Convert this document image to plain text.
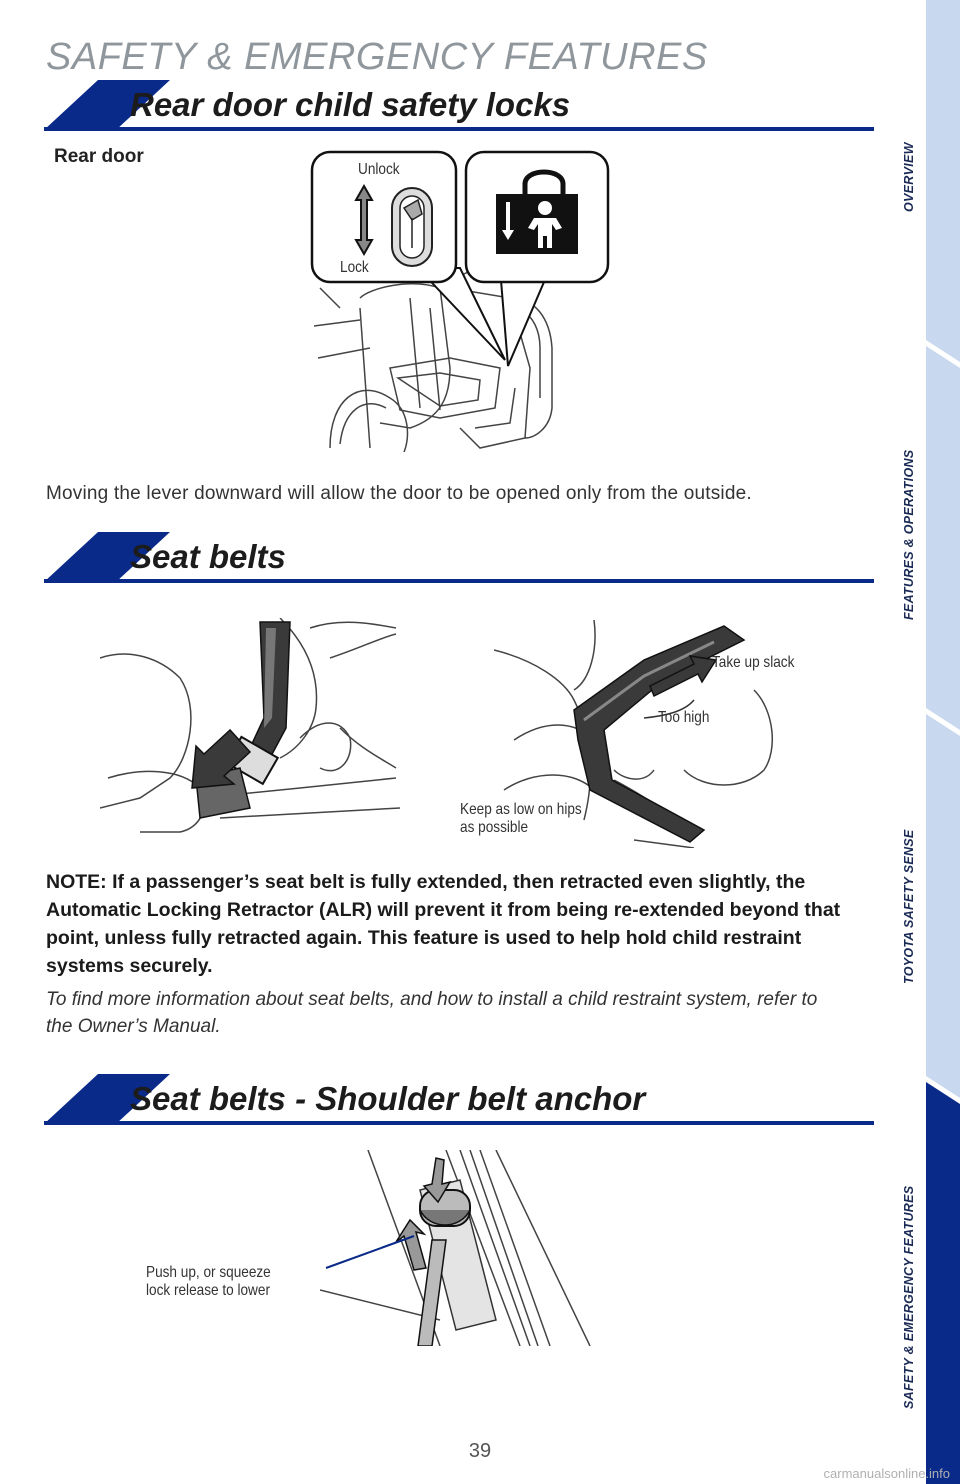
SAFETY & EMERGENCY FEATURES
Rear door child safety locks
Rear door
Unlock
Lock
Moving the lever downward will allow the door to be opened only from the outside.
Seat belts
Take up slack
Too high
Keep as low on hips
as possible
NOTE: If a passenger’s seat belt is fully extended, then retracted even slightly, the Automatic Locking Retractor (ALR) will prevent it from being re-extended beyond that point, unless fully retracted again. This feature is used to help hold child restraint systems securely.
To find more information about seat belts, and how to install a child restraint system, refer to the Owner’s Manual.
Seat belts - Shoulder belt anchor
Push up, or squeeze
lock release to lower
OVERVIEW
FEATURES & OPERATIONS
TOYOTA SAFETY SENSE
SAFETY & EMERGENCY FEATURES
39
carmanualsonline.info
